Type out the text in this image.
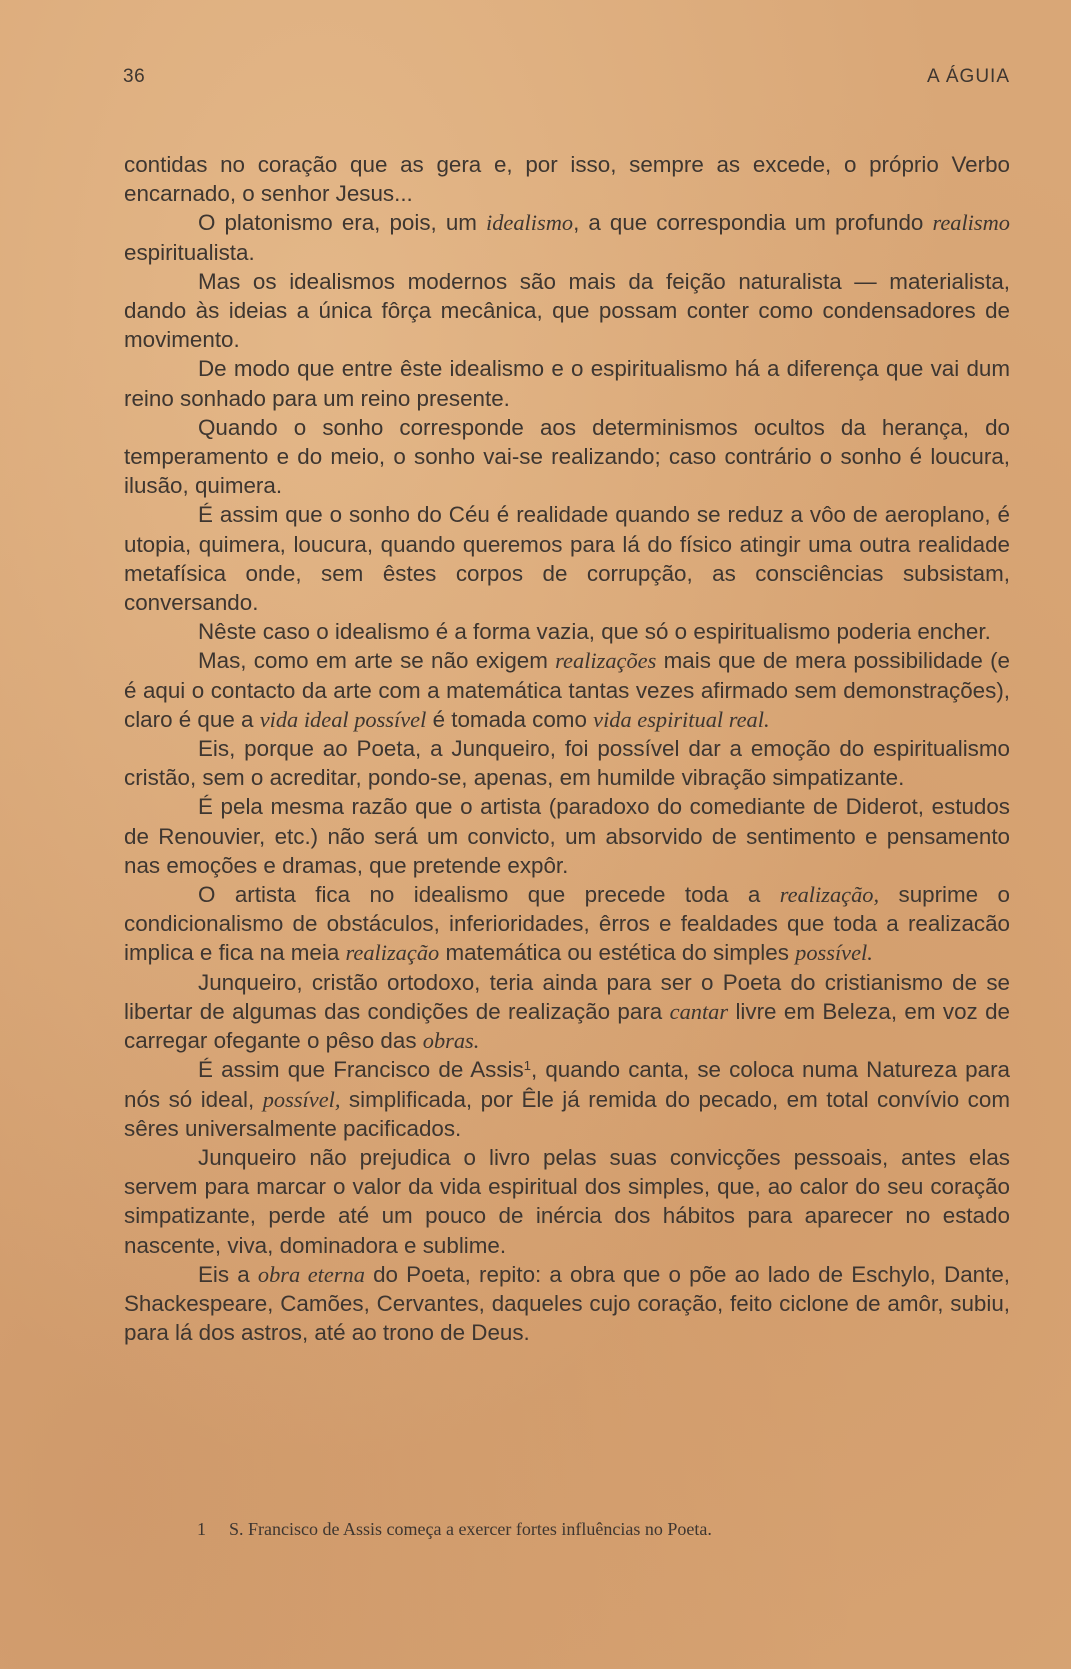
36	A ÁGUIA

contidas no coração que as gera e, por isso, sempre as excede, o próprio Verbo encarnado, o senhor Jesus...

O platonismo era, pois, um idealismo, a que correspondia um profundo realismo espiritualista.

Mas os idealismos modernos são mais da feição naturalista — materialista, dando às ideias a única fôrça mecânica, que possam conter como condensadores de movimento.

De modo que entre êste idealismo e o espiritualismo há a diferença que vai dum reino sonhado para um reino presente.

Quando o sonho corresponde aos determinismos ocultos da herança, do temperamento e do meio, o sonho vai-se realizando; caso contrário o sonho é loucura, ilusão, quimera.

É assim que o sonho do Céu é realidade quando se reduz a vôo de aeroplano, é utopia, quimera, loucura, quando queremos para lá do físico atingir uma outra realidade metafísica onde, sem êstes corpos de corrupção, as consciências subsistam, conversando.

Nêste caso o idealismo é a forma vazia, que só o espiritualismo poderia encher.

Mas, como em arte se não exigem realizações mais que de mera possibilidade (e é aqui o contacto da arte com a matemática tantas vezes afirmado sem demonstrações), claro é que a vida ideal possível é tomada como vida espiritual real.

Eis, porque ao Poeta, a Junqueiro, foi possível dar a emoção do espiritualismo cristão, sem o acreditar, pondo-se, apenas, em humilde vibração simpatizante.

É pela mesma razão que o artista (paradoxo do comediante de Diderot, estudos de Renouvier, etc.) não será um convicto, um absorvido de sentimento e pensamento nas emoções e dramas, que pretende expôr.

O artista fica no idealismo que precede toda a realização, suprime o condicionalismo de obstáculos, inferioridades, êrros e fealdades que toda a realizacão implica e fica na meia realização matemática ou estética do simples possível.

Junqueiro, cristão ortodoxo, teria ainda para ser o Poeta do cristianismo de se libertar de algumas das condições de realização para cantar livre em Beleza, em voz de carregar ofegante o pêso das obras.

É assim que Francisco de Assis$^1$, quando canta, se coloca numa Natureza para nós só ideal, possível, simplificada, por Êle já remida do pecado, em total convívio com sêres universalmente pacificados.

Junqueiro não prejudica o livro pelas suas convicções pessoais, antes elas servem para marcar o valor da vida espiritual dos simples, que, ao calor do seu coração simpatizante, perde até um pouco de inércia dos hábitos para aparecer no estado nascente, viva, dominadora e sublime.

Eis a obra eterna do Poeta, repito: a obra que o põe ao lado de Eschylo, Dante, Shackespeare, Camões, Cervantes, daqueles cujo coração, feito ciclone de amôr, subiu, para lá dos astros, até ao trono de Deus.

1 S. Francisco de Assis começa a exercer fortes influências no Poeta.
